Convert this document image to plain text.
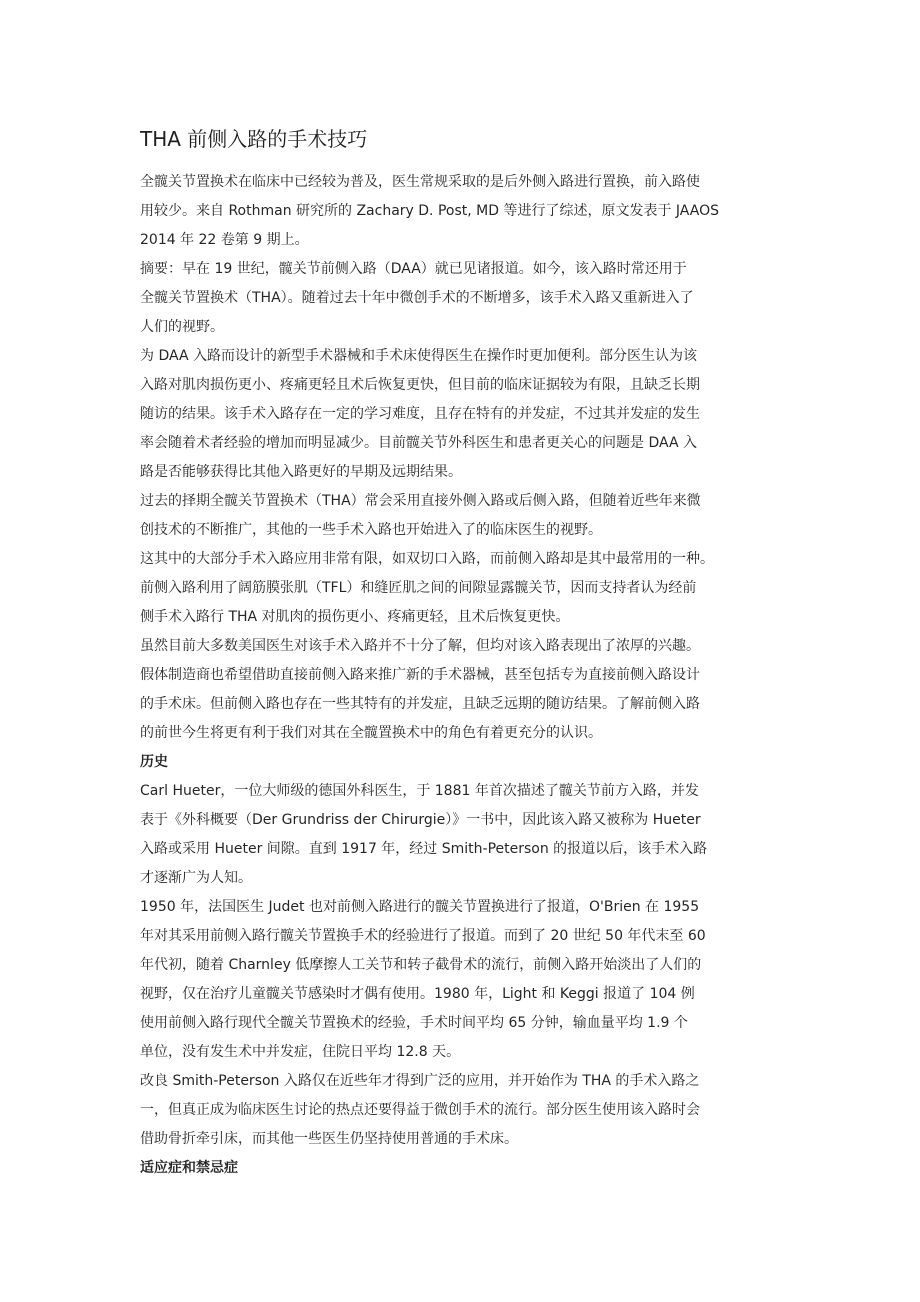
THA 前侧入路的手术技巧
全髋关节置换术在临床中已经较为普及，医生常规采取的是后外侧入路进行置换，前入路使
用较少。来自 Rothman 研究所的 Zachary D. Post, MD 等进行了综述，原文发表于 JAAOS
2014 年 22 卷第 9 期上。
摘要：早在 19 世纪，髋关节前侧入路（DAA）就已见诸报道。如今，该入路时常还用于
全髋关节置换术（THA）。随着过去十年中微创手术的不断增多，该手术入路又重新进入了
人们的视野。
为 DAA 入路而设计的新型手术器械和手术床使得医生在操作时更加便利。部分医生认为该
入路对肌肉损伤更小、疼痛更轻且术后恢复更快，但目前的临床证据较为有限，且缺乏长期
随访的结果。该手术入路存在一定的学习难度，且存在特有的并发症，不过其并发症的发生
率会随着术者经验的增加而明显减少。目前髋关节外科医生和患者更关心的问题是 DAA 入
路是否能够获得比其他入路更好的早期及远期结果。
过去的择期全髋关节置换术（THA）常会采用直接外侧入路或后侧入路，但随着近些年来微
创技术的不断推广，其他的一些手术入路也开始进入了的临床医生的视野。
这其中的大部分手术入路应用非常有限，如双切口入路，而前侧入路却是其中最常用的一种。
前侧入路利用了阔筋膜张肌（TFL）和缝匠肌之间的间隙显露髋关节，因而支持者认为经前
侧手术入路行 THA 对肌肉的损伤更小、疼痛更轻，且术后恢复更快。
虽然目前大多数美国医生对该手术入路并不十分了解，但均对该入路表现出了浓厚的兴趣。
假体制造商也希望借助直接前侧入路来推广新的手术器械，甚至包括专为直接前侧入路设计
的手术床。但前侧入路也存在一些其特有的并发症，且缺乏远期的随访结果。了解前侧入路
的前世今生将更有利于我们对其在全髋置换术中的角色有着更充分的认识。
历史
Carl Hueter，一位大师级的德国外科医生，于 1881 年首次描述了髋关节前方入路，并发
表于《外科概要（Der Grundriss der Chirurgie）》一书中，因此该入路又被称为 Hueter
入路或采用 Hueter 间隙。直到 1917 年，经过 Smith-Peterson 的报道以后，该手术入路
才逐渐广为人知。
1950 年，法国医生 Judet 也对前侧入路进行的髋关节置换进行了报道，O'Brien 在 1955
年对其采用前侧入路行髋关节置换手术的经验进行了报道。而到了 20 世纪 50 年代末至 60
年代初，随着 Charnley 低摩擦人工关节和转子截骨术的流行，前侧入路开始淡出了人们的
视野，仅在治疗儿童髋关节感染时才偶有使用。1980 年，Light 和 Keggi 报道了 104 例
使用前侧入路行现代全髋关节置换术的经验，手术时间平均 65 分钟，输血量平均 1.9 个
单位，没有发生术中并发症，住院日平均 12.8 天。
改良 Smith-Peterson 入路仅在近些年才得到广泛的应用，并开始作为 THA 的手术入路之
一，但真正成为临床医生讨论的热点还要得益于微创手术的流行。部分医生使用该入路时会
借助骨折牵引床，而其他一些医生仍坚持使用普通的手术床。
适应症和禁忌症
